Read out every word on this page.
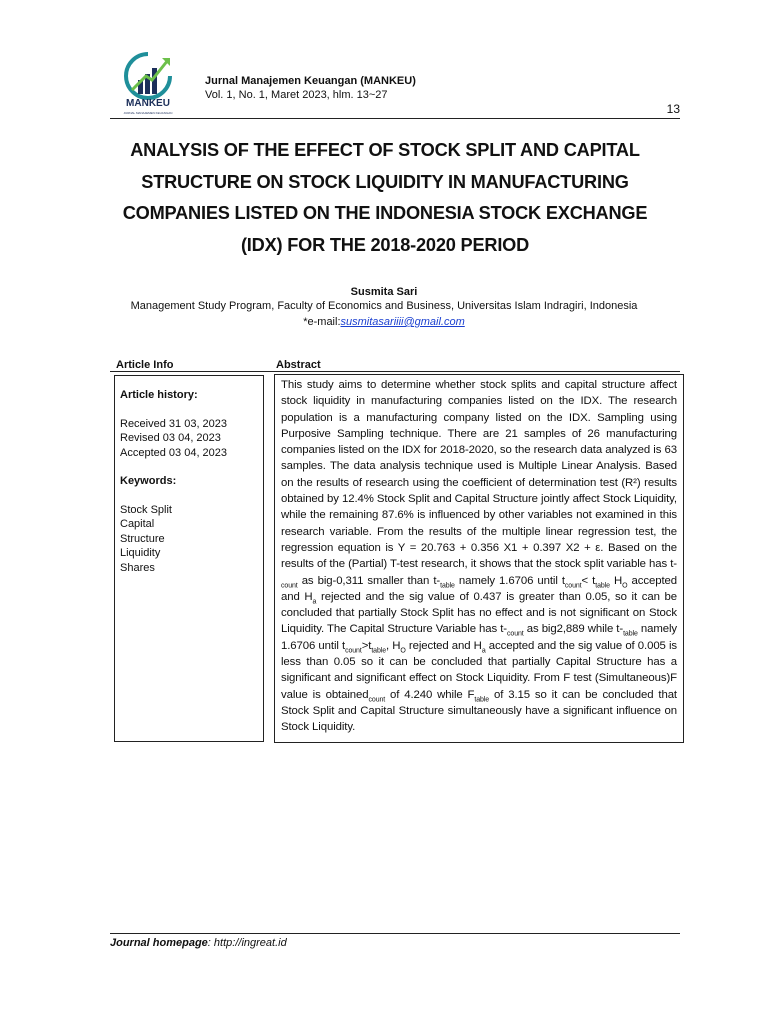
MANKEU
JURNAL MANAJEMEN KEUANGAN
Jurnal Manajemen Keuangan (MANKEU)
Vol. 1, No. 1, Maret 2023, hlm. 13~27
13
ANALYSIS OF THE EFFECT OF STOCK SPLIT AND CAPITAL
STRUCTURE ON STOCK LIQUIDITY IN MANUFACTURING
COMPANIES LISTED ON THE INDONESIA STOCK EXCHANGE
(IDX) FOR THE 2018-2020 PERIOD
Susmita Sari
Management Study Program, Faculty of Economics and Business, Universitas Islam Indragiri, Indonesia
*e-mail:susmitasariiii@gmail.com
Article Info	Abstract
Article history:
Received 31 03, 2023
Revised 03 04, 2023
Accepted 03 04, 2023
Keywords:
Stock Split
Capital
Structure
Liquidity
Shares
This study aims to determine whether stock splits and capital structure affect stock liquidity in manufacturing companies listed on the IDX. The research population is a manufacturing company listed on the IDX. Sampling using Purposive Sampling technique. There are 21 samples of 26 manufacturing companies listed on the IDX for 2018-2020, so the research data analyzed is 63 samples. The data analysis technique used is Multiple Linear Analysis. Based on the results of research using the coefficient of determination test (R²) results obtained by 12.4% Stock Split and Capital Structure jointly affect Stock Liquidity, while the remaining 87.6% is influenced by other variables not examined in this research variable. From the results of the multiple linear regression test, the regression equation is Y = 20.763 + 0.356 X1 + 0.397 X2 + ε. Based on the results of the (Partial) T-test research, it shows that the stock split variable has $t-_{count}$ as big-0,311 smaller than $t-_{table}$ namely 1.6706 until $t_{count}< t_{table}$ $H_O$ accepted and $H_a$ rejected and the sig value of 0.437 is greater than 0.05, so it can be concluded that partially Stock Split has no effect and is not significant on Stock Liquidity. The Capital Structure Variable has $t-_{count}$ as big2,889 while $t-_{table}$ namely 1.6706 until $t_{count}>t_{table}$, $H_O$ rejected and $H_a$ accepted and the sig value of 0.005 is less than 0.05 so it can be concluded that partially Capital Structure has a significant and significant effect on Stock Liquidity. From F test (Simultaneous)F value is obtained$_{count}$ of 4.240 while $F_{table}$ of 3.15 so it can be concluded that Stock Split and Capital Structure simultaneously have a significant influence on Stock Liquidity.
Journal homepage: http://ingreat.id
